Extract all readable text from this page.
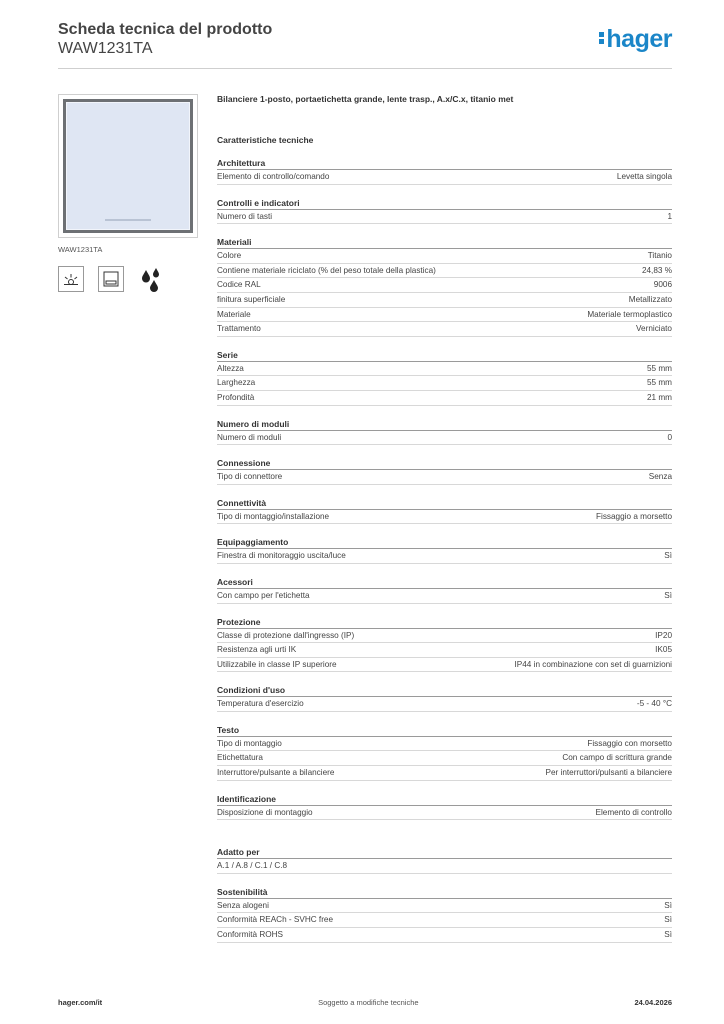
Scheda tecnica del prodotto
WAW1231TA	hager
WAW1231TA
Bilanciere 1-posto, portaetichetta grande, lente trasp., A.x/C.x, titanio met
Caratteristiche tecniche
Architettura
Elemento di controllo/comando	Levetta singola
Controlli e indicatori
Numero di tasti	1
Materiali
Colore	Titanio
Contiene materiale riciclato (% del peso totale della plastica)	24,83 %
Codice RAL	9006
finitura superficiale	Metallizzato
Materiale	Materiale termoplastico
Trattamento	Verniciato
Serie
Altezza	55 mm
Larghezza	55 mm
Profondità	21 mm
Numero di moduli
Numero di moduli	0
Connessione
Tipo di connettore	Senza
Connettività
Tipo di montaggio/installazione	Fissaggio a morsetto
Equipaggiamento
Finestra di monitoraggio uscita/luce	Sì
Acessori
Con campo per l'etichetta	Sì
Protezione
Classe di protezione dall'ingresso (IP)	IP20
Resistenza agli urti IK	IK05
Utilizzabile in classe IP superiore	IP44 in combinazione con set di guarnizioni
Condizioni d'uso
Temperatura d'esercizio	-5 - 40 °C
Testo
Tipo di montaggio	Fissaggio con morsetto
Etichettatura	Con campo di scrittura grande
Interruttore/pulsante a bilanciere	Per interruttori/pulsanti a bilanciere
Identificazione
Disposizione di montaggio	Elemento di controllo
Adatto per
A.1 / A.8 / C.1 / C.8
Sostenibilità
Senza alogeni	Sì
Conformità REACh - SVHC free	Sì
Conformità ROHS	Sì
hager.com/it	Soggetto a modifiche tecniche	24.04.2026
